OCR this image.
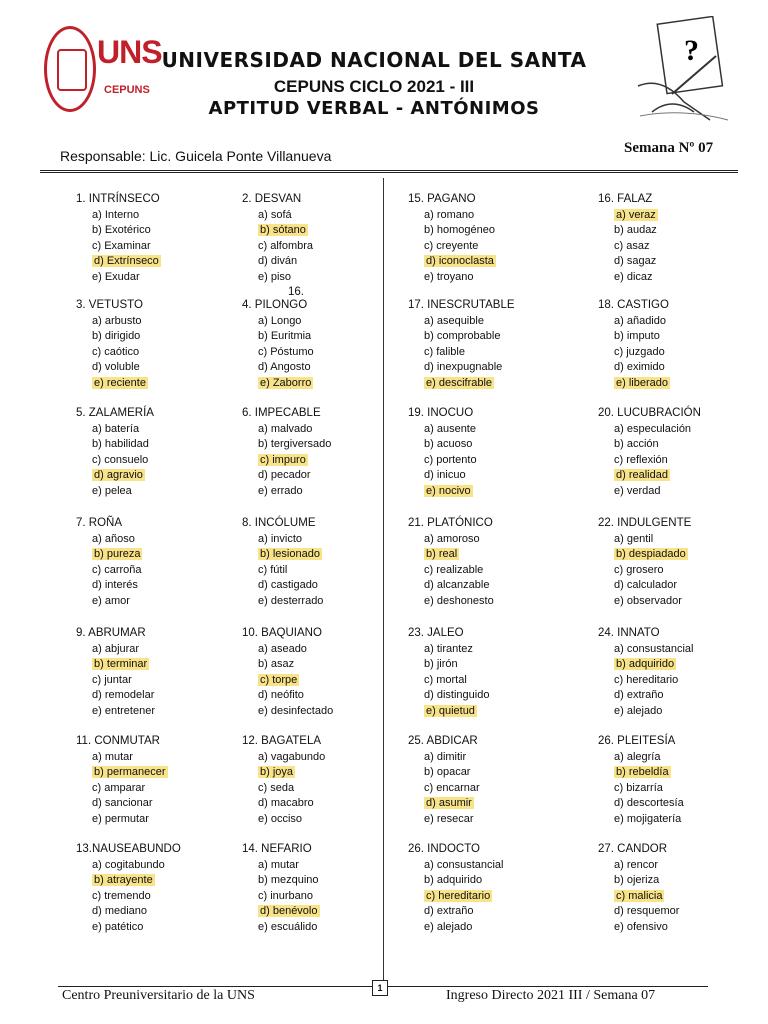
UNS
CEPUNS
UNIVERSIDAD NACIONAL DEL SANTA
CEPUNS CICLO 2021 - III
APTITUD VERBAL - ANTÓNIMOS
?
Responsable: Lic. Guicela Ponte Villanueva	Semana Nº 07
1. INTRÍNSECO
a) Interno
b) Exotérico
c) Examinar
d) Extrínseco
e) Exudar
2. DESVAN
a) sofá
b) sótano
c) alfombra
d) diván
e) piso
15. PAGANO
a) romano
b) homogéneo
c) creyente
d) iconoclasta
e) troyano
16. FALAZ
a) veraz
b) audaz
c) asaz
d) sagaz
e) dicaz
3. VETUSTO
a) arbusto
b) dirigido
c) caótico
d) voluble
e) reciente
16.
4. PILONGO
a) Longo
b) Euritmia
c) Póstumo
d) Angosto
e) Zaborro
17. INESCRUTABLE
a) asequible
b) comprobable
c) falible
d) inexpugnable
e) descifrable
18. CASTIGO
a) añadido
b) imputo
c) juzgado
d) eximido
e) liberado
5. ZALAMERÍA
a) batería
b) habilidad
c) consuelo
d) agravio
e) pelea
6. IMPECABLE
a) malvado
b) tergiversado
c) impuro
d) pecador
e) errado
19. INOCUO
a) ausente
b) acuoso
c) portento
d) inicuo
e) nocivo
20. LUCUBRACIÓN
a) especulación
b) acción
c) reflexión
d) realidad
e) verdad
7. ROÑA
a) añoso
b) pureza
c) carroña
d) interés
e) amor
8. INCÓLUME
a) invicto
b) lesionado
c) fútil
d) castigado
e) desterrado
21. PLATÓNICO
a) amoroso
b) real
c) realizable
d) alcanzable
e) deshonesto
22. INDULGENTE
a) gentil
b) despiadado
c) grosero
d) calculador
e) observador
9. ABRUMAR
a) abjurar
b) terminar
c) juntar
d) remodelar
e) entretener
10. BAQUIANO
a) aseado
b) asaz
c) torpe
d) neófito
e) desinfectado
23. JALEO
a) tirantez
b) jirón
c) mortal
d) distinguido
e) quietud
24. INNATO
a) consustancial
b) adquirido
c) hereditario
d) extraño
e) alejado
11. CONMUTAR
a) mutar
b) permanecer
c) amparar
d) sancionar
e) permutar
12. BAGATELA
a) vagabundo
b) joya
c) seda
d) macabro
e) occiso
25. ABDICAR
a) dimitir
b) opacar
c) encarnar
d) asumir
e) resecar
26. PLEITESÍA
a) alegría
b) rebeldía
c) bizarría
d) descortesía
e) mojigatería
13.NAUSEABUNDO
a) cogitabundo
b) atrayente
c) tremendo
d) mediano
e) patético
14. NEFARIO
a) mutar
b) mezquino
c) inurbano
d) benévolo
e) escuálido
26. INDOCTO
a) consustancial
b) adquirido
c) hereditario
d) extraño
e) alejado
27. CANDOR
a) rencor
b) ojeriza
c) malicia
d) resquemor
e) ofensivo
1
Centro Preuniversitario de la UNS	Ingreso Directo 2021 III / Semana 07
